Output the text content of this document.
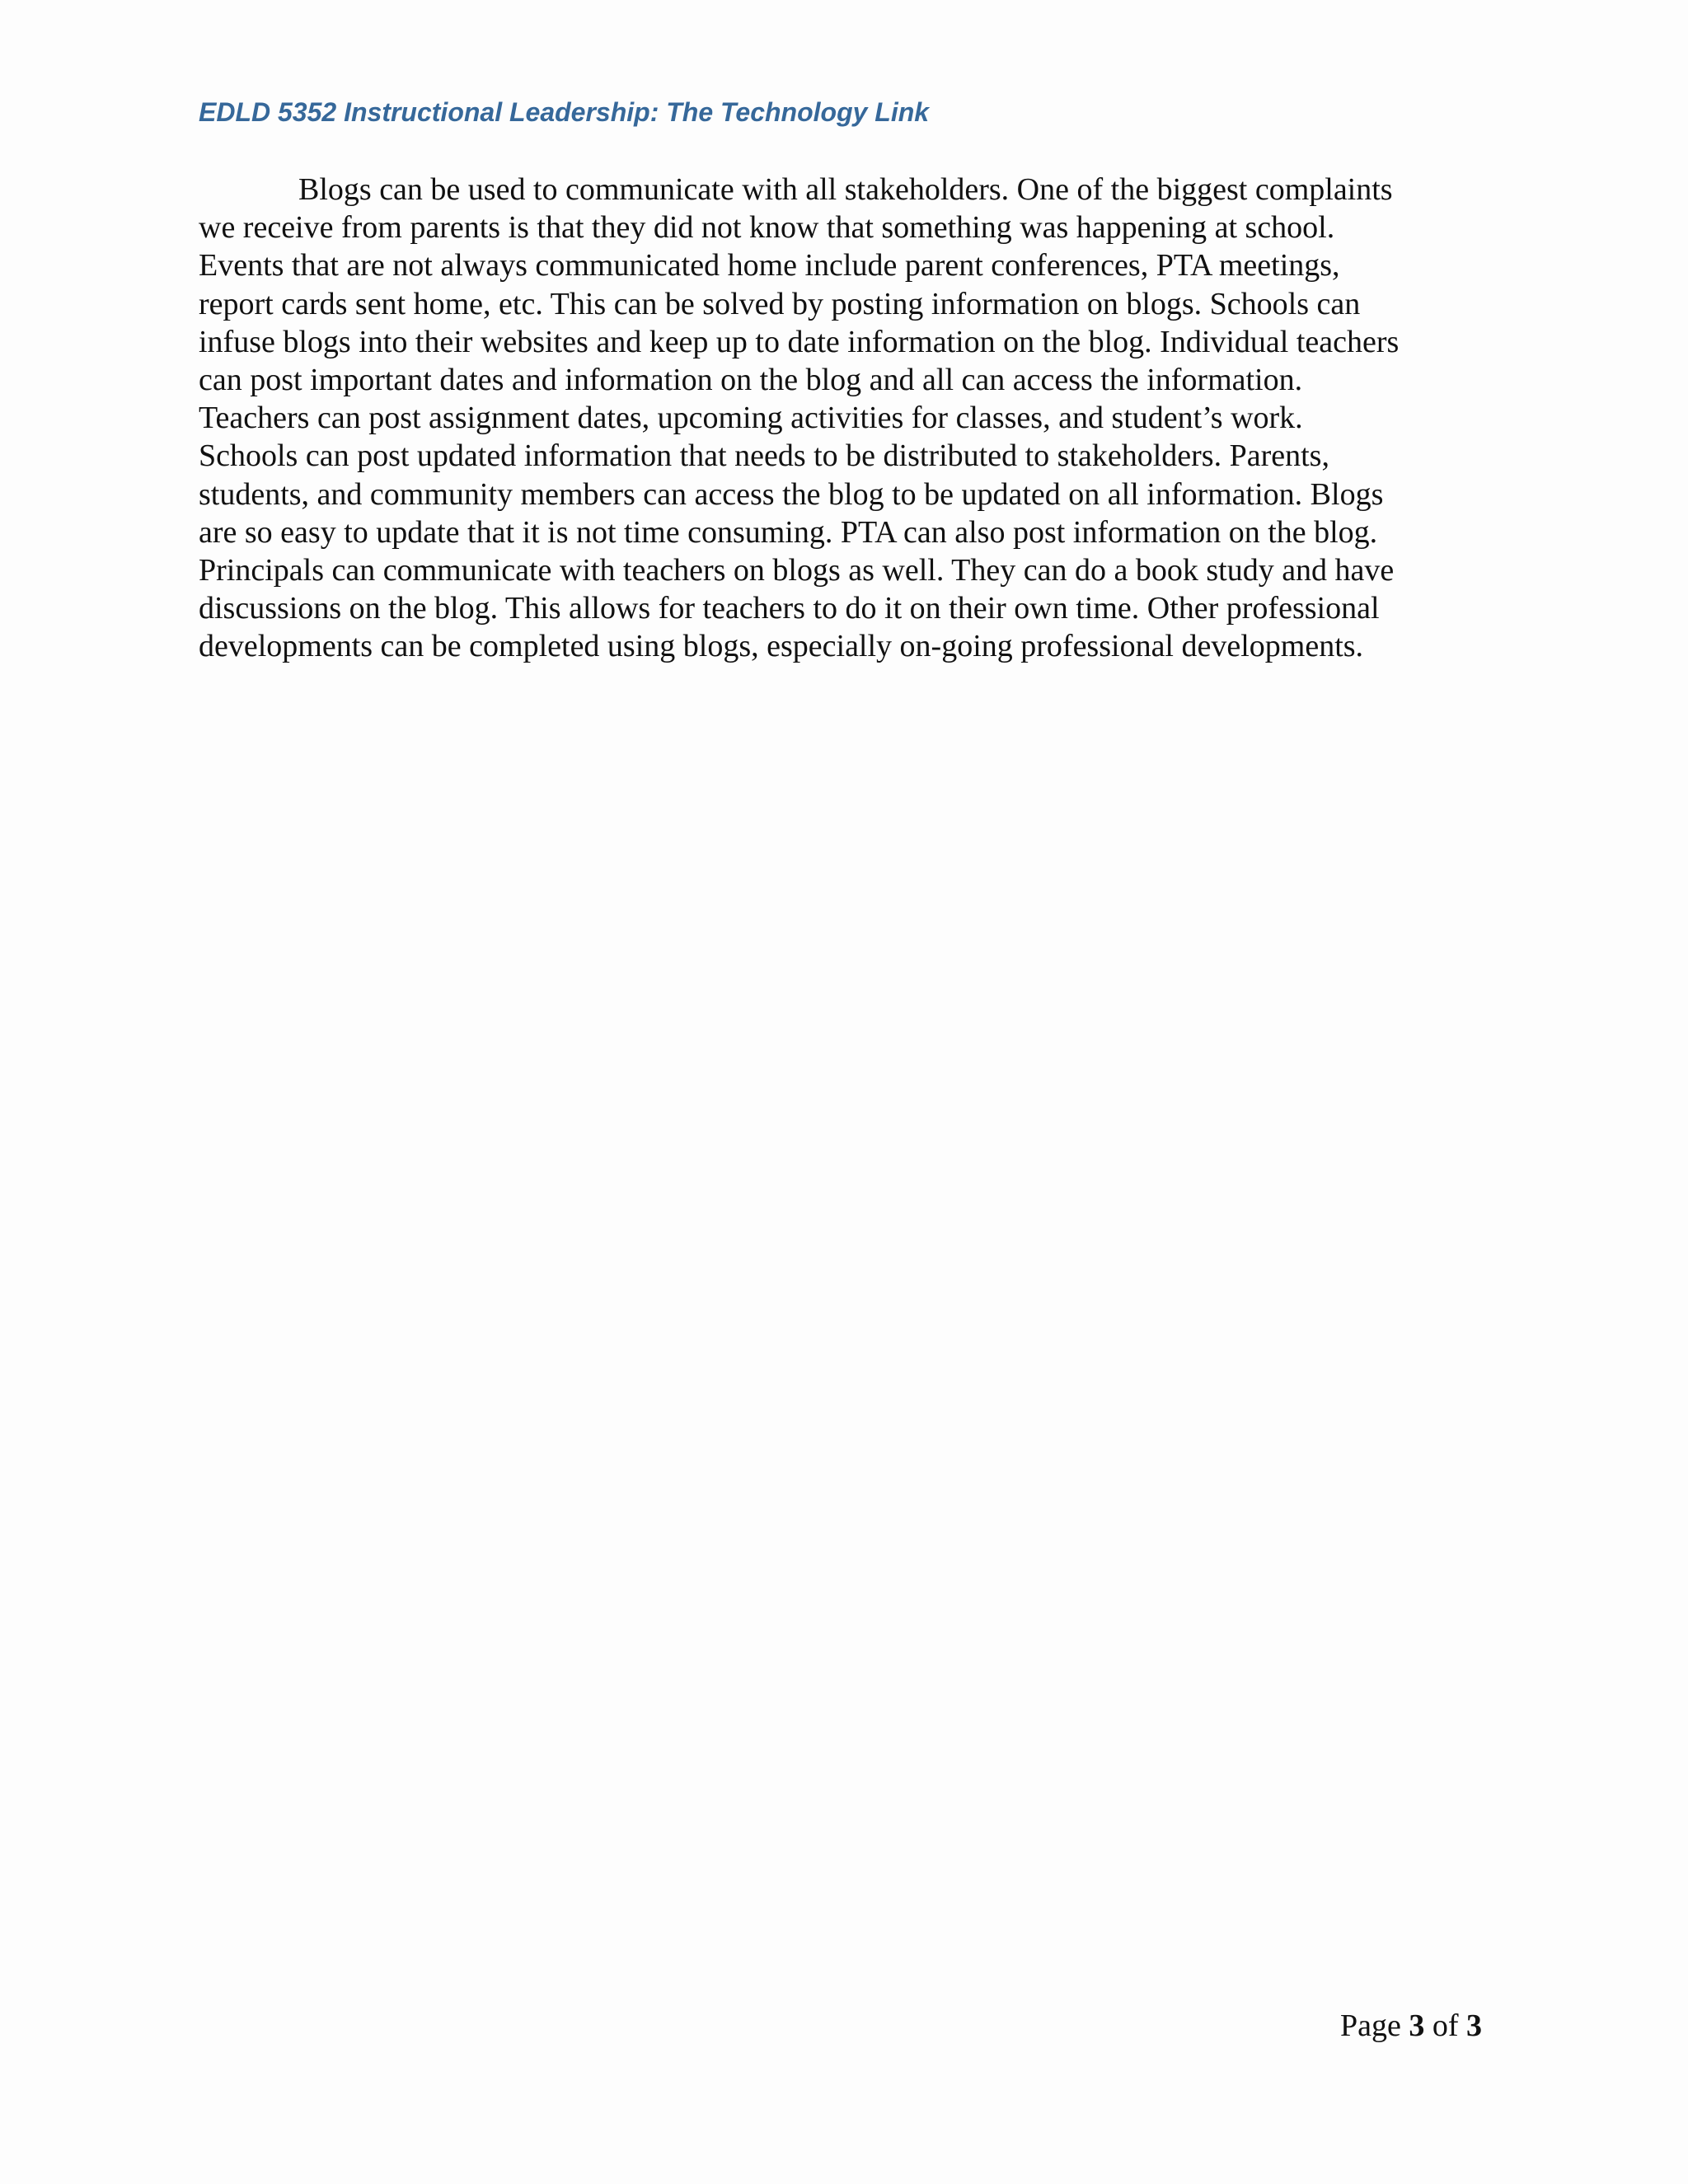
EDLD 5352 Instructional Leadership: The Technology Link
Blogs can be used to communicate with all stakeholders. One of the biggest complaints
we receive from parents is that they did not know that something was happening at school.
Events that are not always communicated home include parent conferences, PTA meetings,
report cards sent home, etc. This can be solved by posting information on blogs. Schools can
infuse blogs into their websites and keep up to date information on the blog. Individual teachers
can post important dates and information on the blog and all can access the information.
Teachers can post assignment dates, upcoming activities for classes, and student’s work.
Schools can post updated information that needs to be distributed to stakeholders. Parents,
students, and community members can access the blog to be updated on all information. Blogs
are so easy to update that it is not time consuming. PTA can also post information on the blog.
Principals can communicate with teachers on blogs as well. They can do a book study and have
discussions on the blog. This allows for teachers to do it on their own time. Other professional
developments can be completed using blogs, especially on-going professional developments.
Page 3 of 3
